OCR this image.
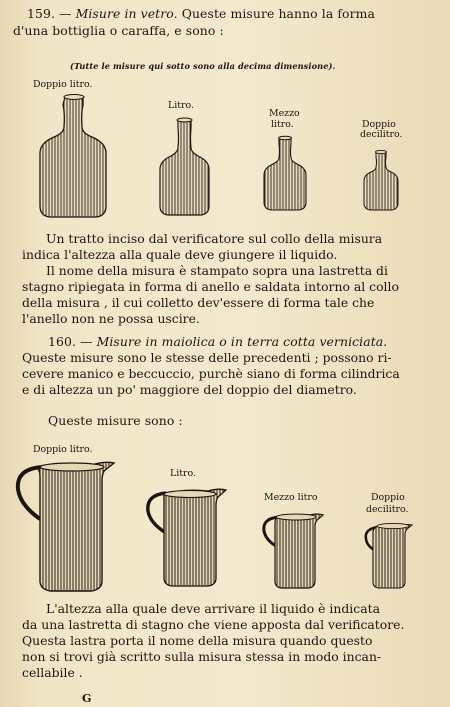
159. — Misure in vetro. Queste misure hanno la forma
d'una bottiglia o caraffa, e sono :
(Tutte le misure qui sotto sono alla decima dimensione).
Doppio litro.
Litro.
Mezzo
litro.	Doppio
decilitro.
Un tratto inciso dal verificatore sul collo della misura
indica l'altezza alla quale deve giungere il liquido.
Il nome della misura è stampato sopra una lastretta di
stagno ripiegata in forma di anello e saldata intorno al collo
della misura , il cui colletto dev'essere di forma tale che
l'anello non ne possa uscire.
160. — Misure in maiolica o in terra cotta verniciata.
Queste misure sono le stesse delle precedenti ; possono ri-
cevere manico e beccuccio, purchè siano di forma cilindrica
e di altezza un po' maggiore del doppio del diametro.
Queste misure sono :
Doppio litro.
Litro.
Mezzo litro	Doppio
decilitro.
L'altezza alla quale deve arrivare il liquido è indicata
da una lastretta di stagno che viene apposta dal verificatore.
Questa lastra porta il nome della misura quando questo
non si trovi già scritto sulla misura stessa in modo incan-
cellabile .
G
